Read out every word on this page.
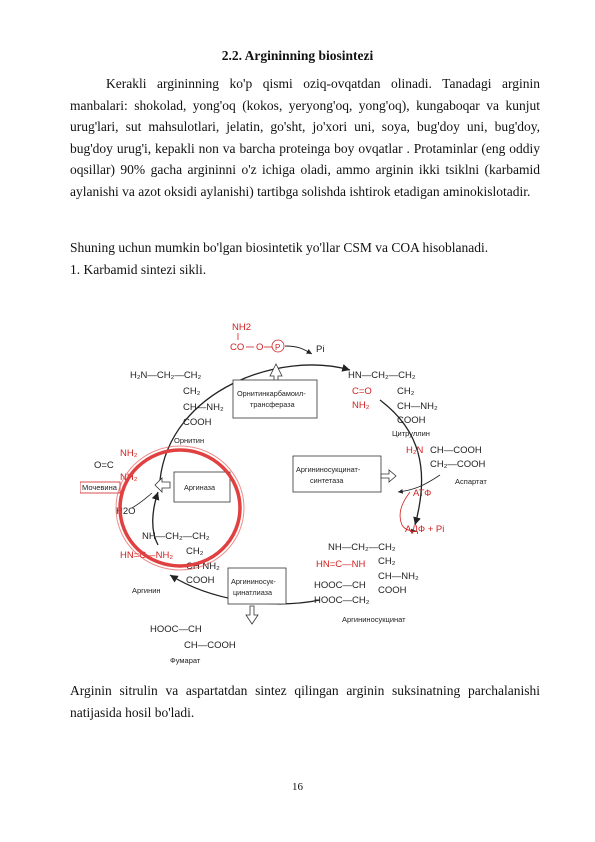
2.2. Argininning biosintezi

Kerakli argininning ko'p qismi oziq-ovqatdan olinadi. Tanadagi arginin manbalari: shokolad, yong'oq (kokos, yeryong'oq, yong'oq), kungaboqar va kunjut urug'lari, sut mahsulotlari, jelatin, go'sht, jo'xori uni, soya, bug'doy uni, bug'doy, bug'doy urug'i, kepakli non va barcha proteinga boy ovqatlar . Protaminlar (eng oddiy oqsillar) 90% gacha argininni o'z ichiga oladi, ammo arginin ikki tsiklni (karbamid aylanishi va azot oksidi aylanishi) tartibga solishda ishtirok etadigan aminokislotadir.

Shuning uchun mumkin bo'lgan biosintetik yo'llar CSM va COA hisoblanadi.
1. Karbamid sintezi sikli.
NH2
CO O P	Pi
Орнитинкарбамоил-
трансфераза
H₂N—CH₂—CH₂
CH₂
CH—NH₂
COOH
Орнитин
HN—CH₂—CH₂
C=O
NH₂
CH₂
CH—NH₂
COOH
Цитруллин
H₂N CH—COOH
CH₂—COOH
Аспартат
АТФ
АДФ + Pi
Аргининосукцинат-
синтетаза
NH—CH₂—CH₂
HN=C—NH CH₂
CH—NH₂
COOH
HOOC—CH
HOOC—CH₂
Аргининосукцинат
Аргининосук-
цинатлиаза
HOOC—CH
CH—COOH
Фумарат
NH—CH₂—CH₂
HN=C—NH₂ CH₂
CH NH₂
COOH
Аргинин
NH₂
O=C
NH₂
Мочевина
H2O
Аргиназа

Arginin sitrulin va aspartatdan sintez qilingan arginin suksinatning parchalanishi natijasida hosil bo'ladi.

16
